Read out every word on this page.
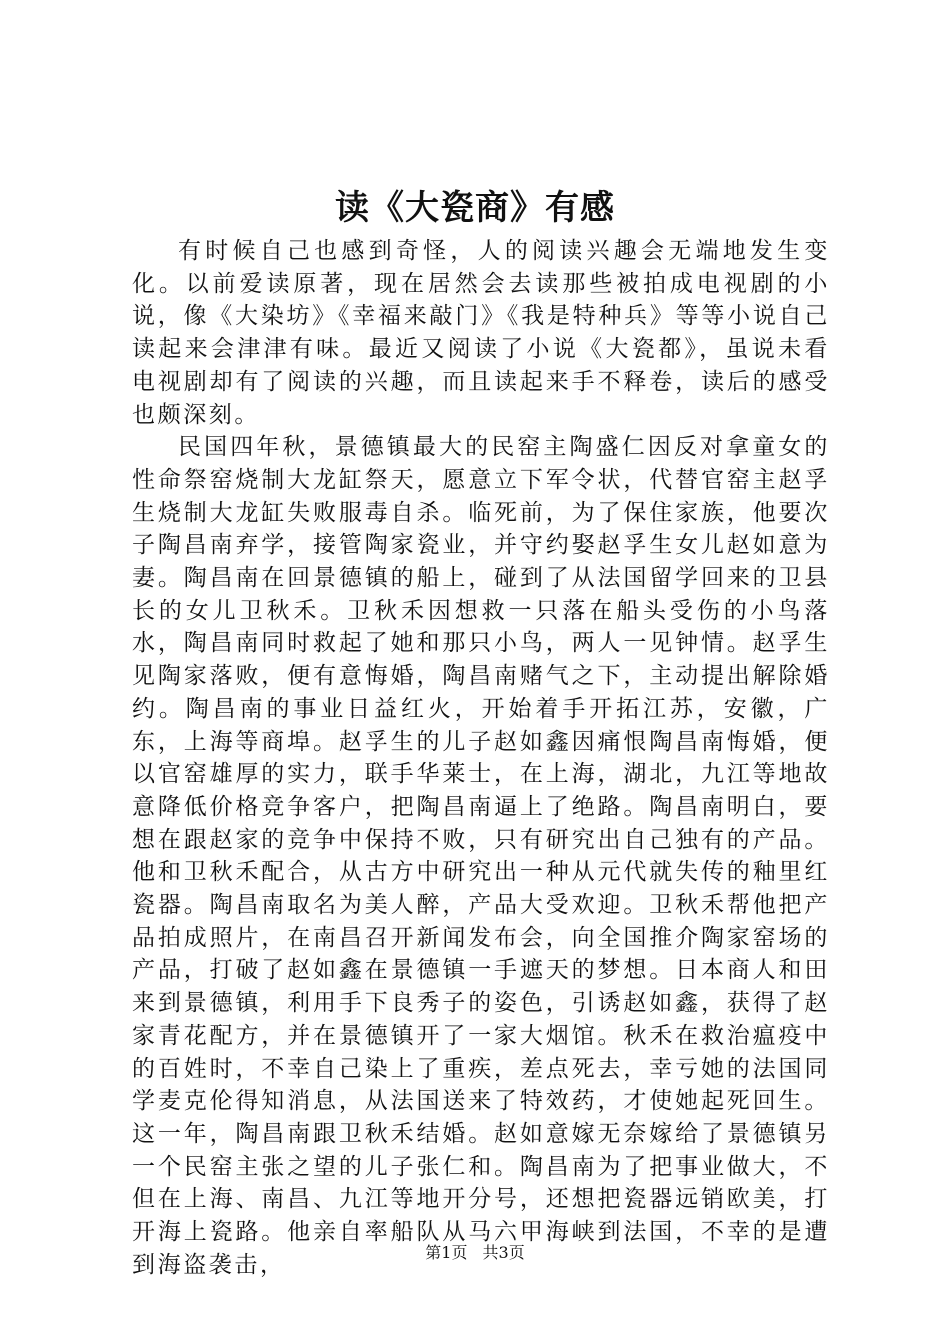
读《大瓷商》有感

有时候自己也感到奇怪，人的阅读兴趣会无端地发生变化。以前爱读原著，现在居然会去读那些被拍成电视剧的小说，像《大染坊》《幸福来敲门》《我是特种兵》等等小说自己读起来会津津有味。最近又阅读了小说《大瓷都》，虽说未看电视剧却有了阅读的兴趣，而且读起来手不释卷，读后的感受也颇深刻。

民国四年秋，景德镇最大的民窑主陶盛仁因反对拿童女的性命祭窑烧制大龙缸祭天，愿意立下军令状，代替官窑主赵孚生烧制大龙缸失败服毒自杀。临死前，为了保住家族，他要次子陶昌南弃学，接管陶家瓷业，并守约娶赵孚生女儿赵如意为妻。陶昌南在回景德镇的船上，碰到了从法国留学回来的卫县长的女儿卫秋禾。卫秋禾因想救一只落在船头受伤的小鸟落水，陶昌南同时救起了她和那只小鸟，两人一见钟情。赵孚生见陶家落败，便有意悔婚，陶昌南赌气之下，主动提出解除婚约。陶昌南的事业日益红火，开始着手开拓江苏，安徽，广东，上海等商埠。赵孚生的儿子赵如鑫因痛恨陶昌南悔婚，便以官窑雄厚的实力，联手华莱士，在上海，湖北，九江等地故意降低价格竞争客户，把陶昌南逼上了绝路。陶昌南明白，要想在跟赵家的竞争中保持不败，只有研究出自己独有的产品。他和卫秋禾配合，从古方中研究出一种从元代就失传的釉里红瓷器。陶昌南取名为美人醉，产品大受欢迎。卫秋禾帮他把产品拍成照片，在南昌召开新闻发布会，向全国推介陶家窑场的产品，打破了赵如鑫在景德镇一手遮天的梦想。日本商人和田来到景德镇，利用手下良秀子的姿色，引诱赵如鑫，获得了赵家青花配方，并在景德镇开了一家大烟馆。秋禾在救治瘟疫中的百姓时，不幸自己染上了重疾，差点死去，幸亏她的法国同学麦克伦得知消息，从法国送来了特效药，才使她起死回生。这一年，陶昌南跟卫秋禾结婚。赵如意嫁无奈嫁给了景德镇另一个民窑主张之望的儿子张仁和。陶昌南为了把事业做大，不但在上海、南昌、九江等地开分号，还想把瓷器远销欧美，打开海上瓷路。他亲自率船队从马六甲海峡到法国，不幸的是遭到海盗袭击，	第1页 共3页
